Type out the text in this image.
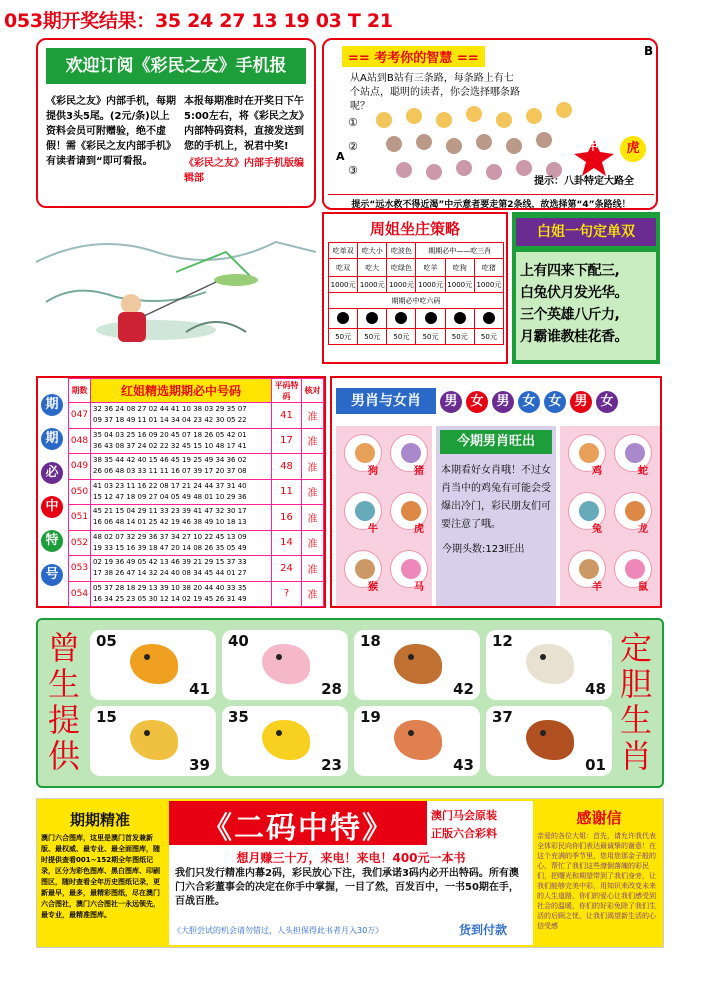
053期开奖结果：35 24 27 13 19 03 T 21
欢迎订阅《彩民之友》手机报
《彩民之友》内部手机，每期提供3头5尾。(2元/条)以上资料会员可附赠验，绝不虚假！需《彩民之友内部手机》有读者请到“即可看报。
本报每期准时在开奖日下午5:00左右，将《彩民之友》内部特码资料，直接发送到您的手机上，祝君中奖!
《彩民之友》内部手机版编辑部
== 考考你的智慧 ==	B
从A站到B站有三条路，每条路上有七个站点，聪明的读者，你会选择哪条路呢？
A
①
②
③
中	虎
提示：八卦特定大路全
提示“远水救不得近渴”中示意者要走第2条线，故选择第“4”条路线！
周姐坐庄策略
吃单双	吃大小	吃波色	期期必中——吃三肖		
吃双	吃大	吃绿色	吃羊	吃狗	吃猪
1000元	1000元	1000元	1000元	1000元	1000元
期期必中吃六码					

50元	50元	50元	50元	50元	50元
白姐一句定单双
上有四来下配三,
白兔伏月发光华。
三个英雄八斤力,
月霸谁教桂花香。
期
期
必
中
特
号
期数	红姐精选期期必中号码	平码特码	核对
047	32 36 24 08 27 02 44 41 10 38 03 29 35 07
09 37 18 49 11 01 14 34 04 23 42 30 05 22	41	准
048	35 04 03 25 16 09 20 45 07 18 26 05 42 01
36 43 08 37 24 02 22 32 45 15 10 48 17 41	17	准
049	38 35 44 42 40 15 46 45 19 25 49 34 36 02
26 06 48 03 33 11 11 16 07 39 17 20 37 08	48	准
050	41 03 23 11 16 22 08 17 21 24 44 37 31 40
15 12 47 18 09 27 04 05 49 48 01 10 29 36	11	准
051	45 21 15 04 29 11 33 23 39 41 47 32 30 17
16 06 48 14 01 25 42 19 46 38 49 10 18 13	16	准
052	48 02 07 32 29 36 37 34 27 10 22 45 13 09
19 33 15 16 39 18 47 20 14 08 26 35 05 49	14	准
053	02 19 36 49 05 42 13 46 39 21 29 15 37 33
17 38 26 47 14 32 24 40 08 34 45 44 01 27	24	准
054	05 37 28 18 29 13 39 10 38 20 44 40 33 35
16 34 25 23 05 30 12 14 02 19 45 26 31 49	?	准
男肖与女肖	男 女 男 女 女 男 女
狗	猪
牛	虎
猴	马
鸡	蛇
兔	龙
羊	鼠
今期男肖旺出
本期看好女肖哦！不过女肖当中的鸡兔有可能会受爆出冷门，彩民朋友们可要注意了哦。
今期头数:123旺出
曾
生
提
供
定
胆
生
肖
05
41
40
28
18
42
12
48
15
39
35
23
19
43
37
01
期期精准
澳门六合图库，这里是澳门首发兼新版、最权威、最专业、最全面图库，随时提供查看001~152期全年图纸记录，区分为彩色图库、黑白图库、印刷图区，随时查看全年历史图纸记录，更新最早，最多，最精彩图纸，尽在澳门六合图社，澳门六合图社一永远领先，最专业，最精准图库。
《二码中特》	澳门马会原装
正版六合彩料
想月赚三十万，来电！来电！400元一本书
我们只发行精准内幕2码，彩民放心下注，我们承诺3码内必开出特码。所有澳门六合彩董事会的决定在你手中掌握，一目了然，百发百中，一书50期在手，百战百胜。
《大胆尝试的机会请勿错过，人头担保得此书者月入30万》	货到付款
感谢信
亲爱的各位大姐：首先，请允许我代表全体彩民向你们表达最诚挚的谢意！在这个充满的季节里，您用您那金子般的心，帮忙了我们这些潦倒落魄的彩民们，把曙光和期望带到了我们身旁，让我们能够完美中彩，用知识来改变未来的人生道路，你们的爱心让我们感受到社会的温暖，你们的好彩免除了我们生活的后顾之忧，让我们渴望新生活的心信受感
